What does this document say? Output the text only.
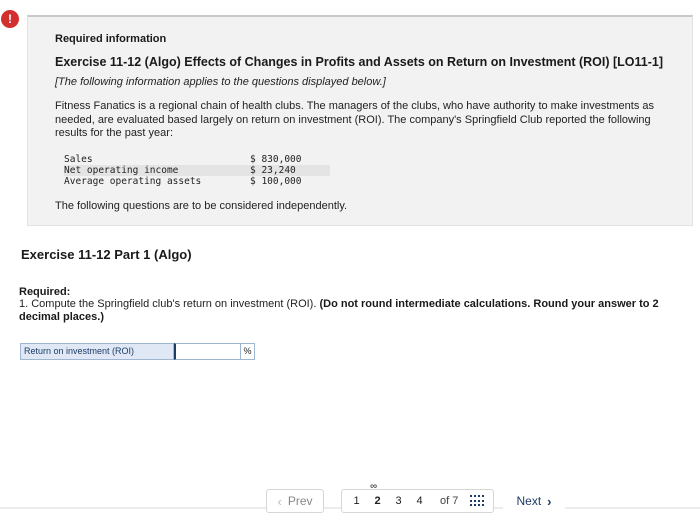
!
Required information
Exercise 11-12 (Algo) Effects of Changes in Profits and Assets on Return on Investment (ROI) [LO11-1]
[The following information applies to the questions displayed below.]
Fitness Fanatics is a regional chain of health clubs. The managers of the clubs, who have authority to make investments as needed, are evaluated based largely on return on investment (ROI). The company's Springfield Club reported the following results for the past year:
Sales	$ 830,000
Net operating income	$ 23,240
Average operating assets	$ 100,000
The following questions are to be considered independently.
Exercise 11-12 Part 1 (Algo)
Required:
1. Compute the Springfield club's return on investment (ROI). (Do not round intermediate calculations. Round your answer to 2 decimal places.)
Return on investment (ROI)	%
‹ Prev	1
∞
2	3	4	of 7	Next ›
